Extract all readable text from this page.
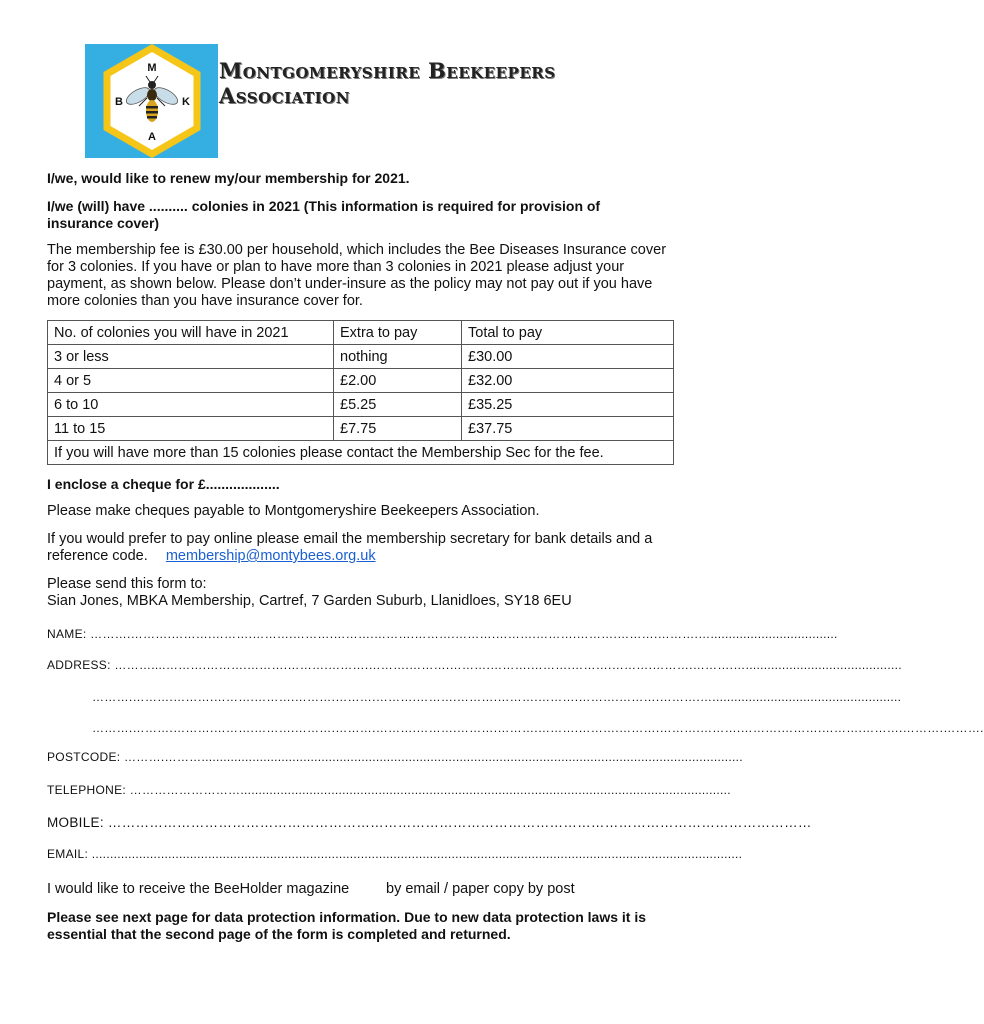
M
B	K
A
Montgomeryshire Beekeepers
Association
I/we, would like to renew my/our membership for 2021.
I/we (will) have .......... colonies in 2021 (This information is required for provision of
insurance cover)
The membership fee is £30.00 per household, which includes the Bee Diseases Insurance cover
for 3 colonies. If you have or plan to have more than 3 colonies in 2021 please adjust your
payment, as shown below. Please don’t under-insure as the policy may not pay out if you have
more colonies than you have insurance cover for.
No. of colonies you will have in 2021	Extra to pay	Total to pay
3 or less	nothing	£30.00
4 or 5	£2.00	£32.00
6 to 10	£5.25	£35.25
11 to 15	£7.75	£37.75
If you will have more than 15 colonies please contact the Membership Sec for the fee.		
I enclose a cheque for £...................
Please make cheques payable to Montgomeryshire Beekeepers Association.
If you would prefer to pay online please email the membership secretary for bank details and a
reference code. membership@montybees.org.uk
Please send this form to:
Sian Jones, MBKA Membership, Cartref, 7 Garden Suburb, Llanidloes, SY18 6EU
NAME: ……….……….……….……….……….……….……….……….……….……….……….……….……….……….……….…...................................
ADDRESS: ………....……….……….……….……….……….……….……….……….……….……….……….……….……….……….…...........................................
……….……….……….……….……….……….……….……….……….……….……….……….……….……….……….…....................................................
……….……….……….……….……….……….……….……….……….……….……….……….……….……….……….……….……….……….……….……….……….……….
POSTCODE: ……….……….....................................................................................................................................................
TELEPHONE: ……………………….......................................................................................................................................
MOBILE: ………………………………………………………………………………………………………………………………………
EMAIL: ...................................................................................................................................................................................
I would like to receive the BeeHolder magazine	by email / paper copy by post
Please see next page for data protection information. Due to new data protection laws it is
essential that the second page of the form is completed and returned.
